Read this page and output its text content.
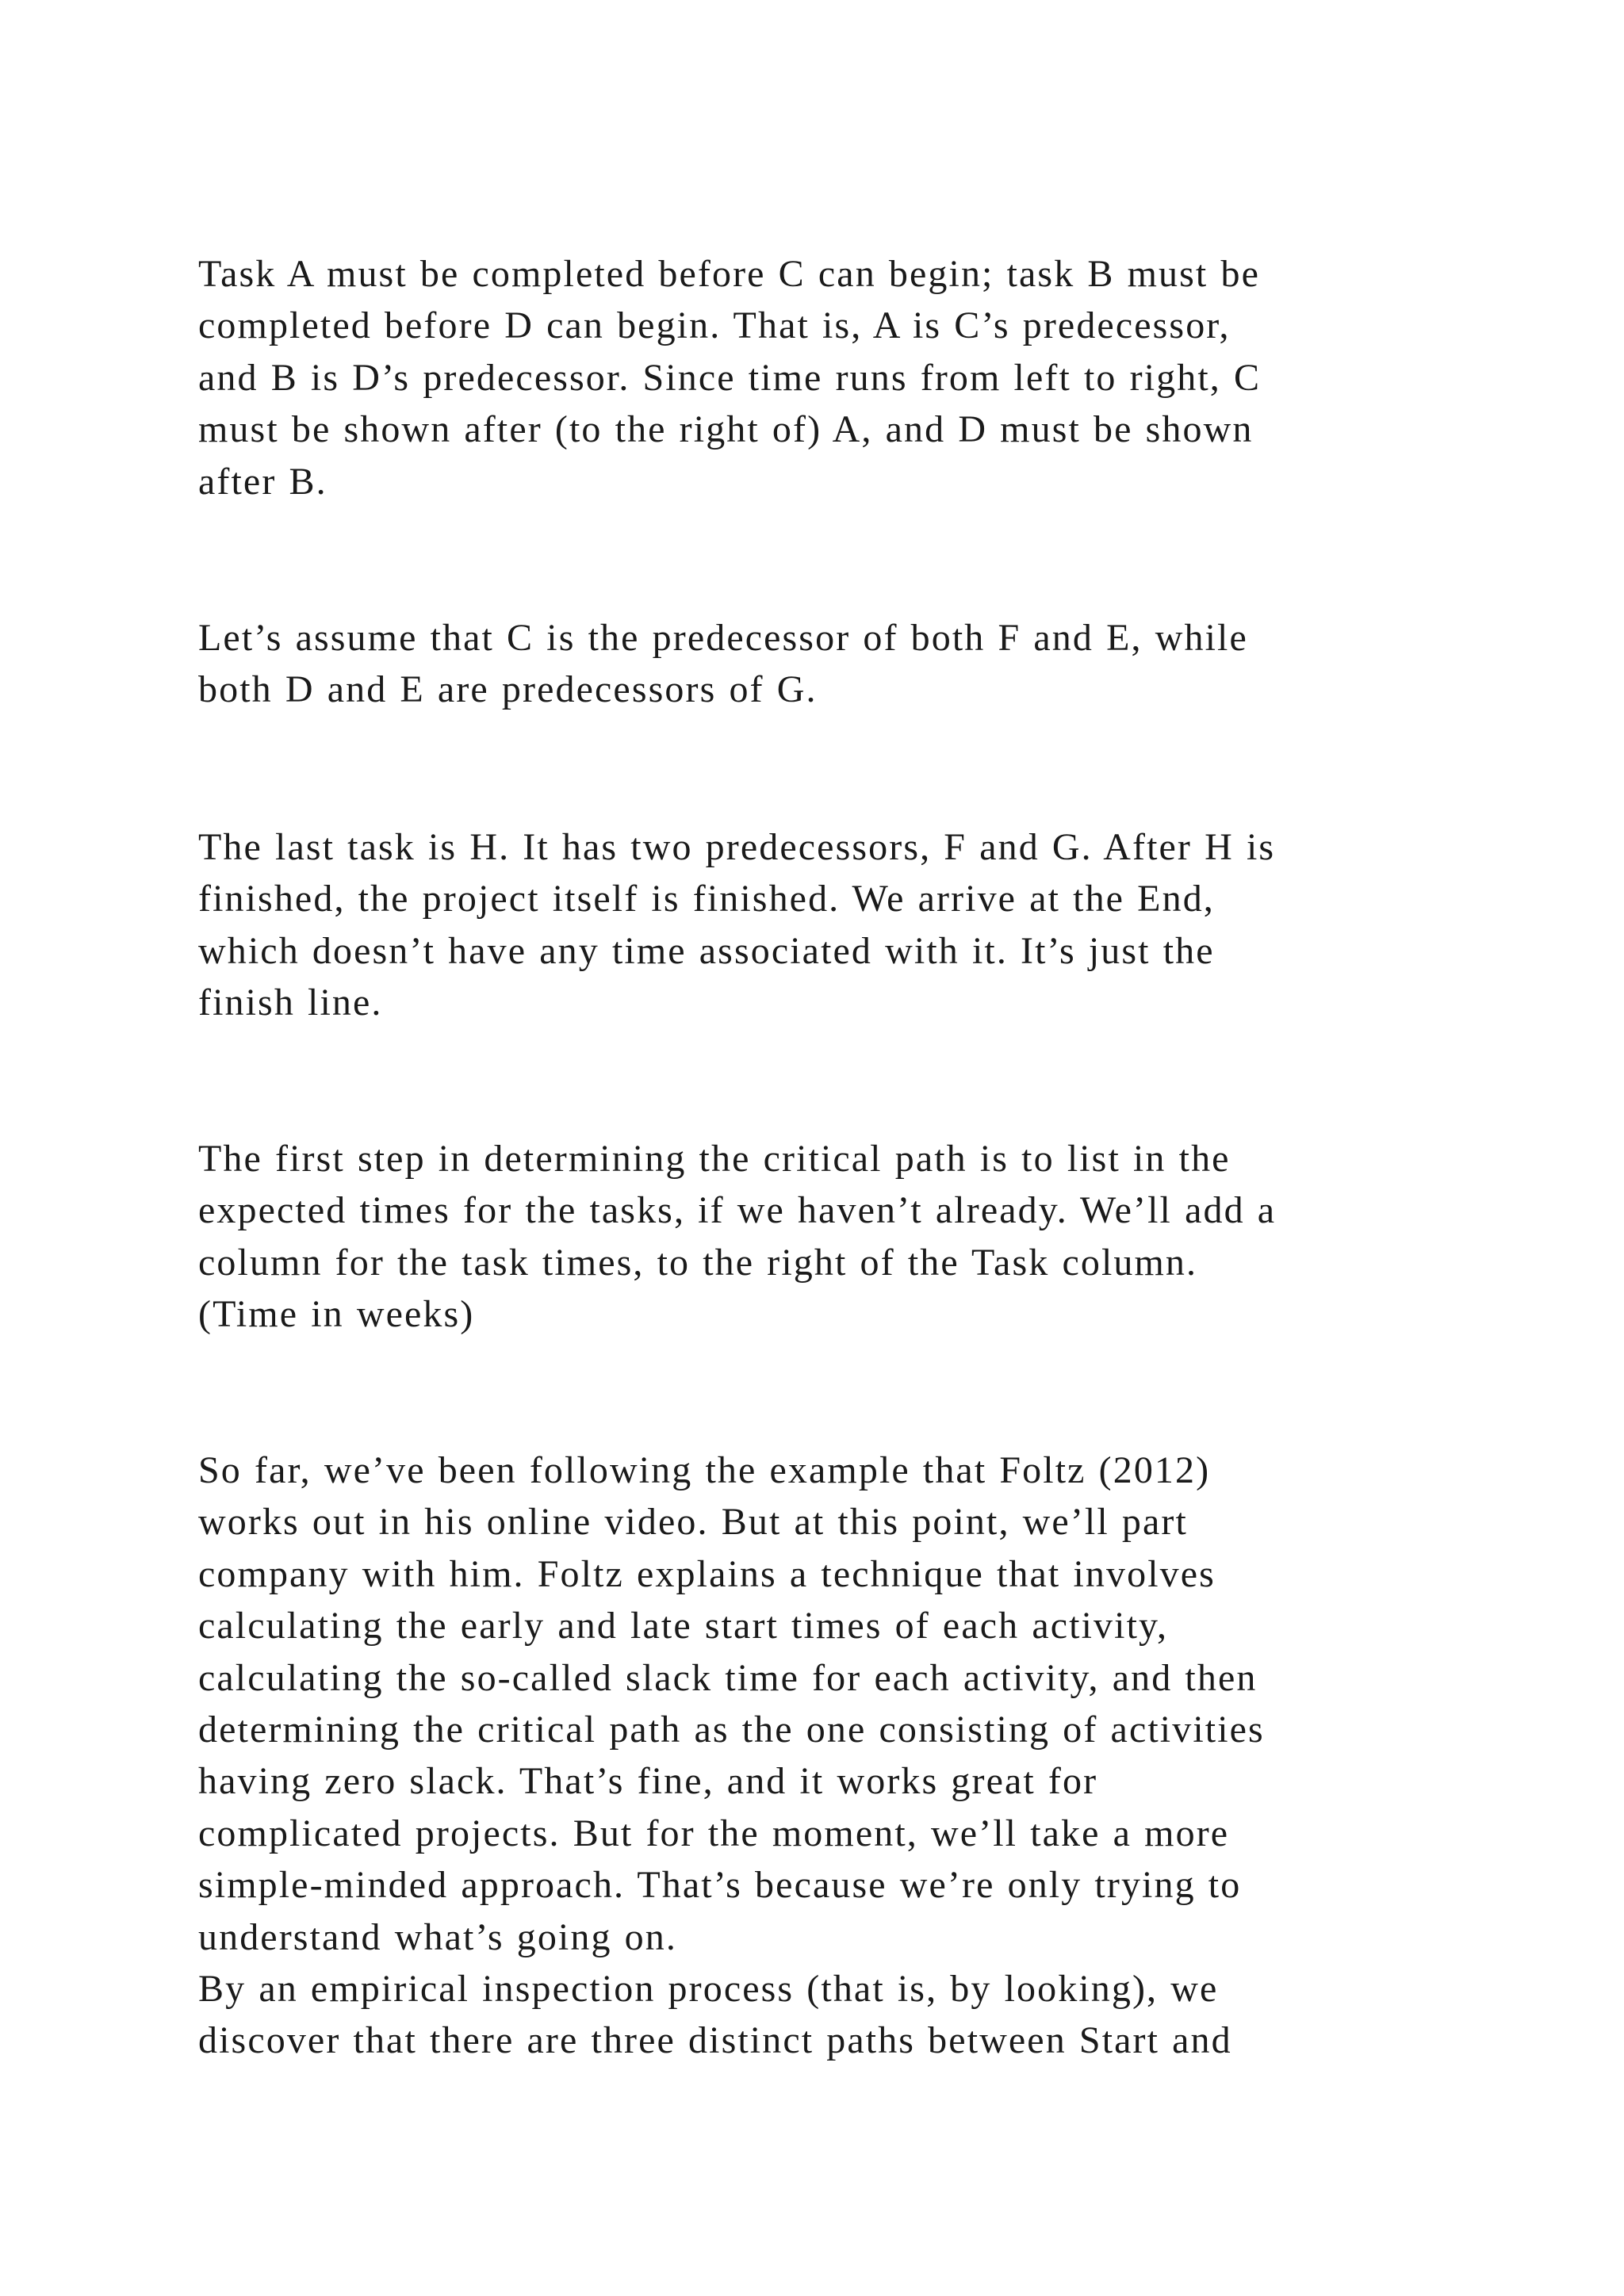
Task A must be completed before C can begin; task B must be
completed before D can begin. That is, A is C’s predecessor,
and B is D’s predecessor. Since time runs from left to right, C
must be shown after (to the right of) A, and D must be shown
after B.

Let’s assume that C is the predecessor of both F and E, while
both D and E are predecessors of G.

The last task is H. It has two predecessors, F and G. After H is
finished, the project itself is finished. We arrive at the End,
which doesn’t have any time associated with it. It’s just the
finish line.

The first step in determining the critical path is to list in the
expected times for the tasks, if we haven’t already. We’ll add a
column for the task times, to the right of the Task column.
(Time in weeks)

So far, we’ve been following the example that Foltz (2012)
works out in his online video. But at this point, we’ll part
company with him. Foltz explains a technique that involves
calculating the early and late start times of each activity,
calculating the so-called slack time for each activity, and then
determining the critical path as the one consisting of activities
having zero slack. That’s fine, and it works great for
complicated projects. But for the moment, we’ll take a more
simple-minded approach. That’s because we’re only trying to
understand what’s going on.
By an empirical inspection process (that is, by looking), we
discover that there are three distinct paths between Start and
